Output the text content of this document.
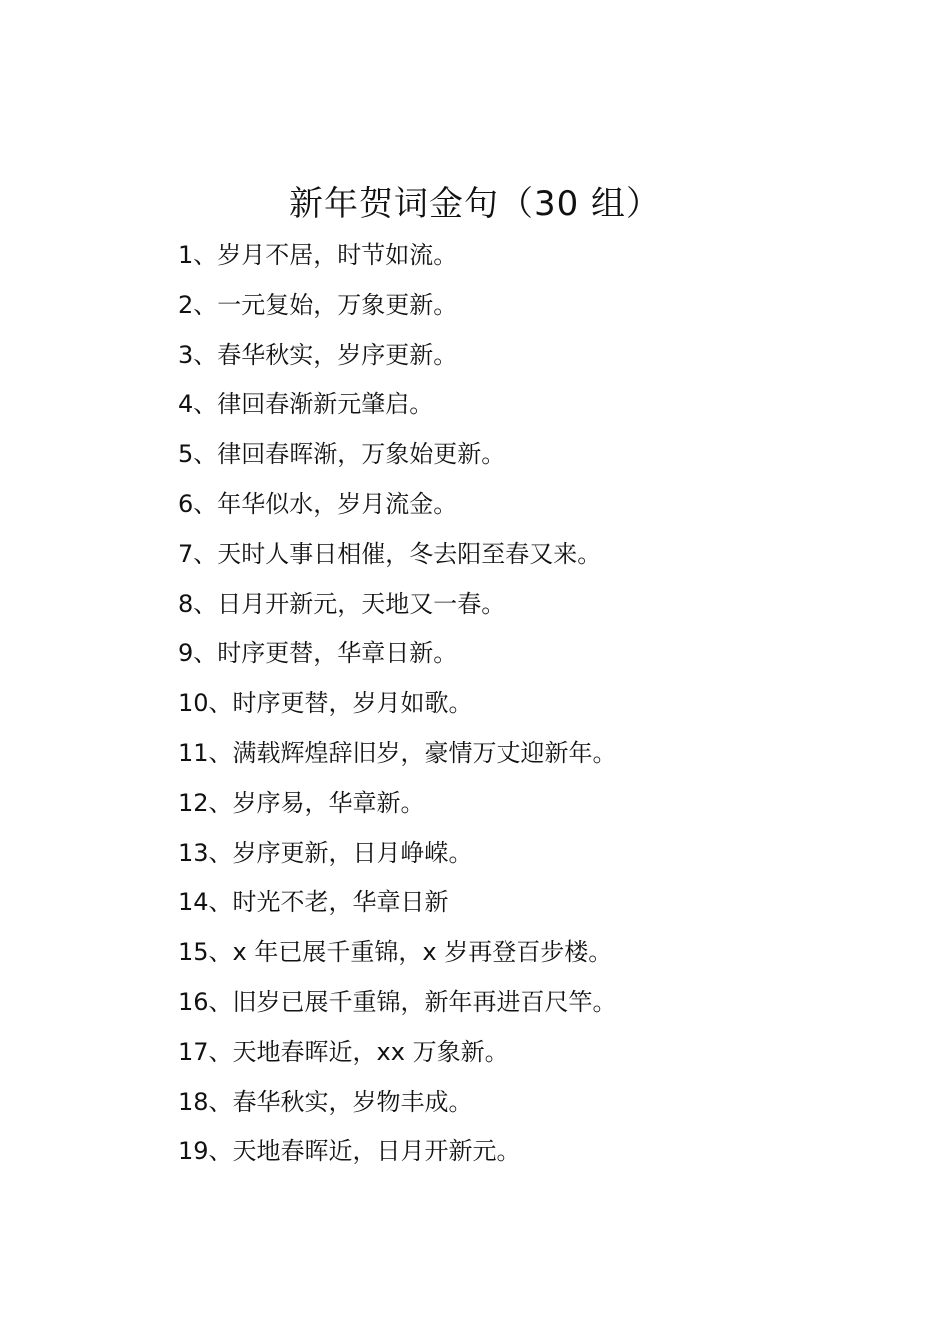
新年贺词金句（30 组）
1、岁月不居，时节如流。
2、一元复始，万象更新。
3、春华秋实，岁序更新。
4、律回春渐新元肇启。
5、律回春晖渐，万象始更新。
6、年华似水，岁月流金。
7、天时人事日相催，冬去阳至春又来。
8、日月开新元，天地又一春。
9、时序更替，华章日新。
10、时序更替，岁月如歌。
11、满载辉煌辞旧岁，豪情万丈迎新年。
12、岁序易，华章新。
13、岁序更新，日月峥嵘。
14、时光不老，华章日新
15、x 年已展千重锦，x 岁再登百步楼。
16、旧岁已展千重锦，新年再进百尺竿。
17、天地春晖近，xx 万象新。
18、春华秋实，岁物丰成。
19、天地春晖近，日月开新元。
